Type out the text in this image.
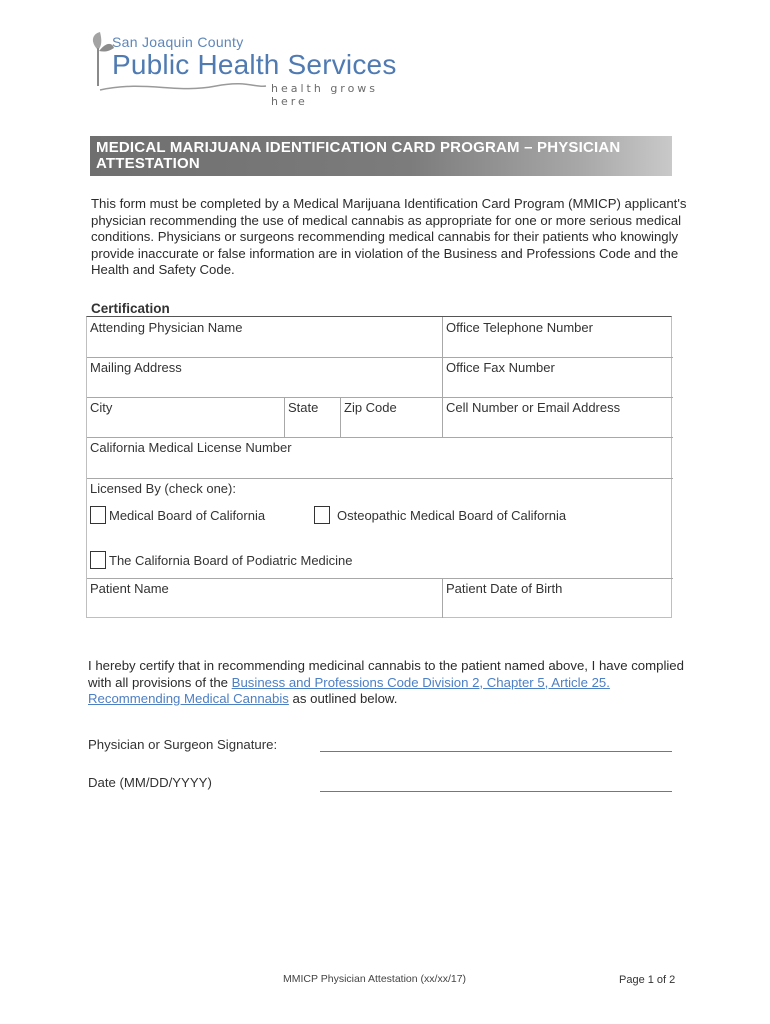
San Joaquin County
Public Health Services
health grows here
MEDICAL MARIJUANA IDENTIFICATION CARD PROGRAM – PHYSICIAN ATTESTATION
This form must be completed by a Medical Marijuana Identification Card Program (MMICP) applicant's physician recommending the use of medical cannabis as appropriate for one or more serious medical conditions. Physicians or surgeons recommending medical cannabis for their patients who knowingly provide inaccurate or false information are in violation of the Business and Professions Code and the Health and Safety Code.
Certification
Attending Physician Name	Office Telephone Number
Mailing Address	Office Fax Number
City	State Zip Code	Cell Number or Email Address
California Medical License Number
Licensed By (check one):
Medical Board of California	Osteopathic Medical Board of California
The California Board of Podiatric Medicine
Patient Name	Patient Date of Birth
I hereby certify that in recommending medicinal cannabis to the patient named above, I have complied with all provisions of the Business and Professions Code Division 2, Chapter 5, Article 25. Recommending Medical Cannabis as outlined below.
Physician or Surgeon Signature:
Date (MM/DD/YYYY)
MMICP Physician Attestation (xx/xx/17)	Page 1 of 2
